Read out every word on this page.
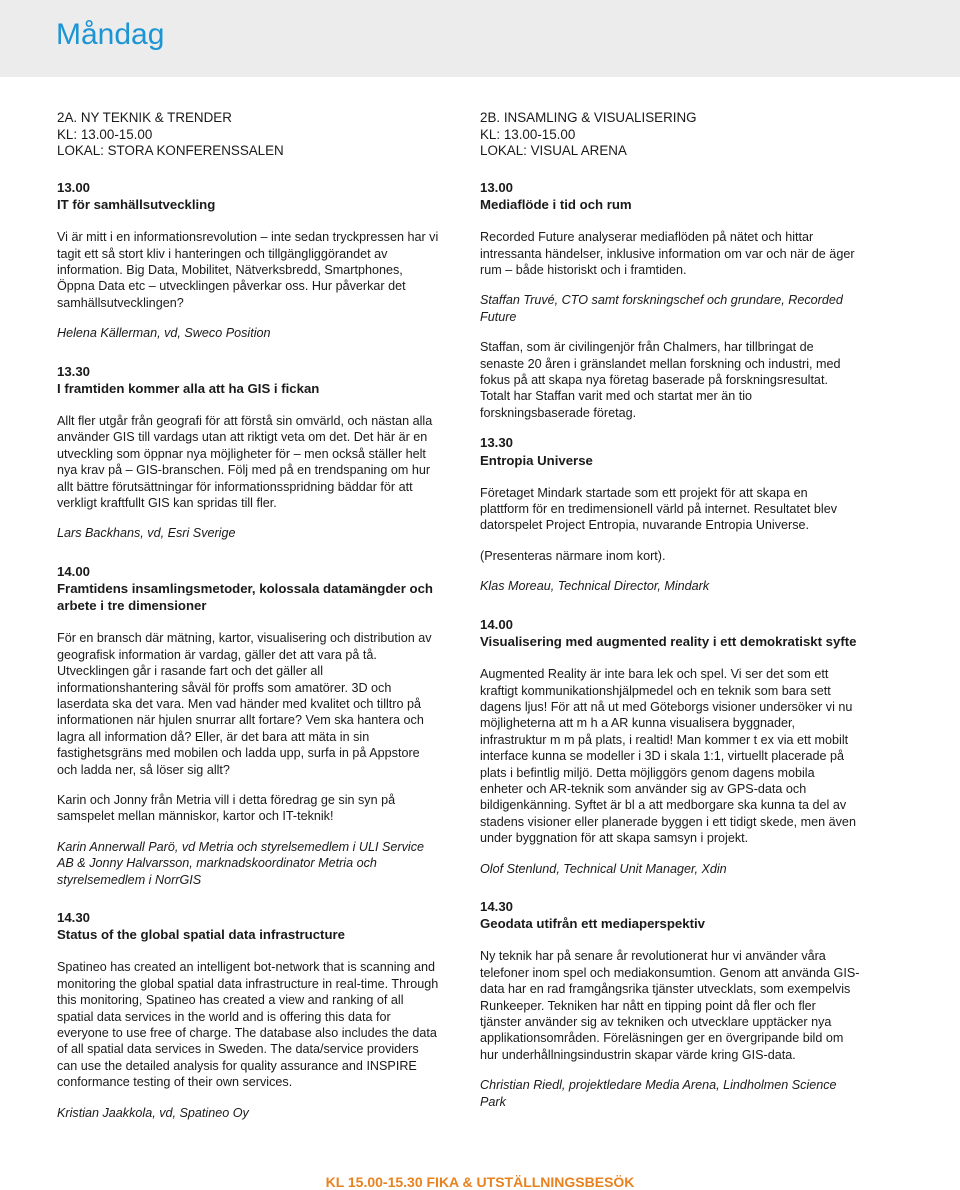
Måndag
2A. NY TEKNIK & TRENDER
KL: 13.00-15.00
LOKAL: STORA KONFERENSSALEN
13.00
IT för samhällsutveckling

Vi är mitt i en informationsrevolution – inte sedan tryckpressen har vi tagit ett så stort kliv i hanteringen och tillgängliggörandet av information. Big Data, Mobilitet, Nätverksbredd, Smartphones, Öppna Data etc – utvecklingen påverkar oss. Hur påverkar det samhällsutvecklingen?

Helena Källerman, vd, Sweco Position

13.30
I framtiden kommer alla att ha GIS i fickan

Allt fler utgår från geografi för att förstå sin omvärld, och nästan alla använder GIS till vardags utan att riktigt veta om det. Det här är en utveckling som öppnar nya möjligheter för – men också ställer helt nya krav på – GIS-branschen. Följ med på en trendspaning om hur allt bättre förutsättningar för informationsspridning bäddar för att verkligt kraftfullt GIS kan spridas till fler.

Lars Backhans, vd, Esri Sverige

14.00
Framtidens insamlingsmetoder, kolossala datamängder och arbete i tre dimensioner

För en bransch där mätning, kartor, visualisering och distribution av geografisk information är vardag, gäller det att vara på tå. Utvecklingen går i rasande fart och det gäller all informationshantering såväl för proffs som amatörer. 3D och laserdata ska det vara. Men vad händer med kvalitet och tilltro på informationen när hjulen snurrar allt fortare? Vem ska hantera och lagra all information då? Eller, är det bara att mäta in sin fastighetsgräns med mobilen och ladda upp, surfa in på Appstore och ladda ner, så löser sig allt?

Karin och Jonny från Metria vill i detta föredrag ge sin syn på samspelet mellan människor, kartor och IT-teknik!

Karin Annerwall Parö, vd Metria och styrelsemedlem i ULI Service AB & Jonny Halvarsson, marknadskoordinator Metria och styrelsemedlem i NorrGIS

14.30
Status of the global spatial data infrastructure

Spatineo has created an intelligent bot-network that is scanning and monitoring the global spatial data infrastructure in real-time. Through this monitoring, Spatineo has created a view and ranking of all spatial data services in the world and is offering this data for everyone to use free of charge. The database also includes the data of all spatial data services in Sweden. The data/service providers can use the detailed analysis for quality assurance and INSPIRE conformance testing of their own services.

Kristian Jaakkola, vd, Spatineo Oy

2B. INSAMLING & VISUALISERING
KL: 13.00-15.00
LOKAL: VISUAL ARENA
13.00
Mediaflöde i tid och rum

Recorded Future analyserar mediaflöden på nätet och hittar intressanta händelser, inklusive information om var och när de äger rum – både historiskt och i framtiden.

Staffan Truvé, CTO samt forskningschef och grundare, Recorded Future

Staffan, som är civilingenjör från Chalmers, har tillbringat de senaste 20 åren i gränslandet mellan forskning och industri, med fokus på att skapa nya företag baserade på forskningsresultat. Totalt har Staffan varit med och startat mer än tio forskningsbaserade företag.

13.30
Entropia Universe

Företaget Mindark startade som ett projekt för att skapa en plattform för en tredimensionell värld på internet. Resultatet blev datorspelet Project Entropia, nuvarande Entropia Universe.

(Presenteras närmare inom kort).

Klas Moreau, Technical Director, Mindark

14.00
Visualisering med augmented reality i ett demokratiskt syfte

Augmented Reality är inte bara lek och spel. Vi ser det som ett kraftigt kommunikationshjälpmedel och en teknik som bara sett dagens ljus! För att nå ut med Göteborgs visioner undersöker vi nu möjligheterna att m h a AR kunna visualisera byggnader, infrastruktur m m på plats, i realtid! Man kommer t ex via ett mobilt interface kunna se modeller i 3D i skala 1:1, virtuellt placerade på plats i befintlig miljö. Detta möjliggörs genom dagens mobila enheter och AR-teknik som använder sig av GPS-data och bildigenkänning. Syftet är bl a att medborgare ska kunna ta del av stadens visioner eller planerade byggen i ett tidigt skede, men även under byggnation för att skapa samsyn i projekt.

Olof Stenlund, Technical Unit Manager, Xdin

14.30
Geodata utifrån ett mediaperspektiv

Ny teknik har på senare år revolutionerat hur vi använder våra telefoner inom spel och mediakonsumtion. Genom att använda GIS-data har en rad framgångsrika tjänster utvecklats, som exempelvis Runkeeper. Tekniken har nått en tipping point då fler och fler tjänster använder sig av tekniken och utvecklare upptäcker nya applikationsområden. Föreläsningen ger en övergripande bild om hur underhållningsindustrin skapar värde kring GIS-data.

Christian Riedl, projektledare Media Arena, Lindholmen Science Park

KL 15.00-15.30 FIKA & UTSTÄLLNINGSBESÖK
